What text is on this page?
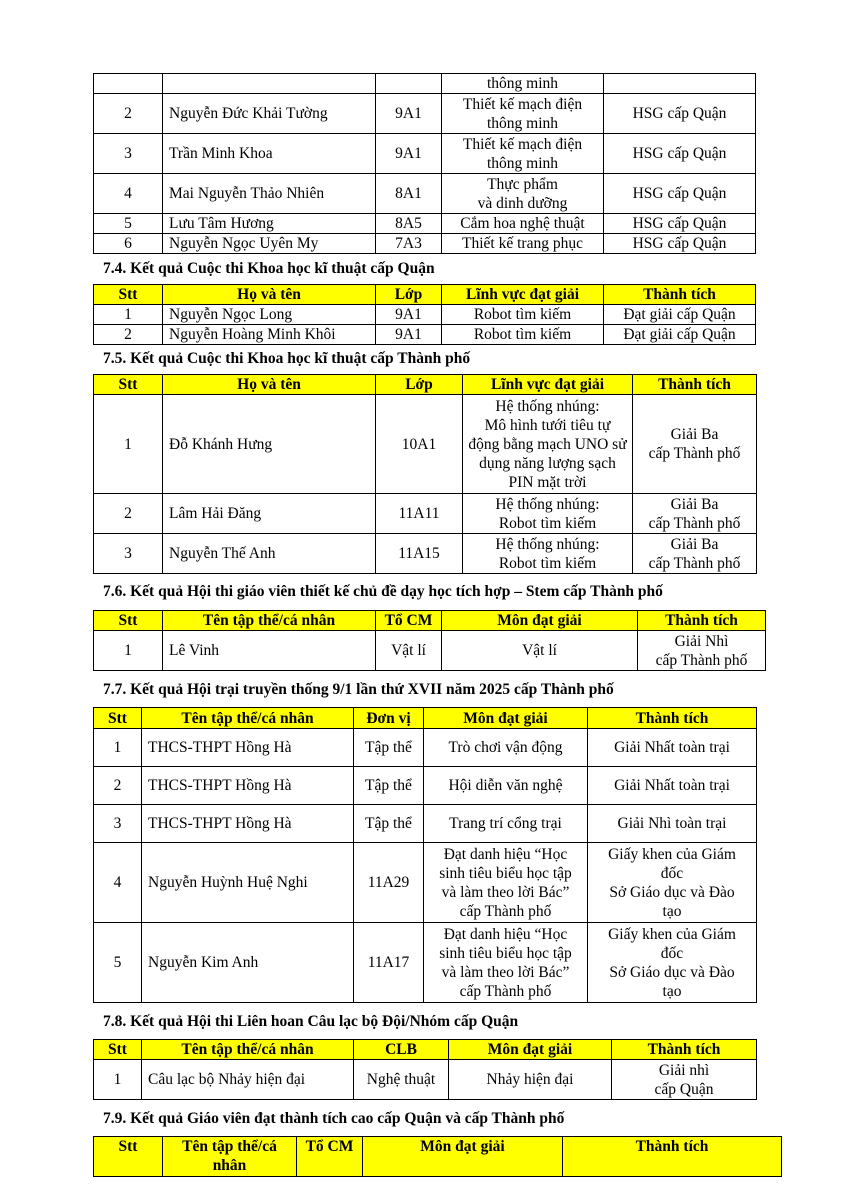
			thông minh	
2	Nguyễn Đức Khải Tường	9A1	Thiết kế mạch điện
thông minh	HSG cấp Quận
3	Trần Minh Khoa	9A1	Thiết kế mạch điện
thông minh	HSG cấp Quận
4	Mai Nguyễn Thảo Nhiên	8A1	Thực phẩm
và dinh dưỡng	HSG cấp Quận
5	Lưu Tâm Hương	8A5	Cắm hoa nghệ thuật	HSG cấp Quận
6	Nguyễn Ngọc Uyên My	7A3	Thiết kế trang phục	HSG cấp Quận
7.4. Kết quả Cuộc thi Khoa học kĩ thuật cấp Quận
Stt	Họ và tên	Lớp	Lĩnh vực đạt giải	Thành tích
1	Nguyễn Ngọc Long	9A1	Robot tìm kiếm	Đạt giải cấp Quận
2	Nguyễn Hoàng Minh Khôi	9A1	Robot tìm kiếm	Đạt giải cấp Quận
7.5. Kết quả Cuộc thi Khoa học kĩ thuật cấp Thành phố
Stt	Họ và tên	Lớp	Lĩnh vực đạt giải	Thành tích
1	Đỗ Khánh Hưng	10A1	Hệ thống nhúng:
Mô hình tưới tiêu tự
động bằng mạch UNO sử
dụng năng lượng sạch
PIN mặt trời	Giải Ba
cấp Thành phố
2	Lâm Hải Đăng	11A11	Hệ thống nhúng:
Robot tìm kiếm	Giải Ba
cấp Thành phố
3	Nguyễn Thế Anh	11A15	Hệ thống nhúng:
Robot tìm kiếm	Giải Ba
cấp Thành phố
7.6. Kết quả Hội thi giáo viên thiết kế chủ đề dạy học tích hợp – Stem cấp Thành phố
Stt	Tên tập thể/cá nhân	Tổ CM	Môn đạt giải	Thành tích
1	Lê Vinh	Vật lí	Vật lí	Giải Nhì
cấp Thành phố
7.7. Kết quả Hội trại truyền thống 9/1 lần thứ XVII năm 2025 cấp Thành phố
Stt	Tên tập thể/cá nhân	Đơn vị	Môn đạt giải	Thành tích
1	THCS-THPT Hồng Hà	Tập thể	Trò chơi vận động	Giải Nhất toàn trại
2	THCS-THPT Hồng Hà	Tập thể	Hội diễn văn nghệ	Giải Nhất toàn trại
3	THCS-THPT Hồng Hà	Tập thể	Trang trí cổng trại	Giải Nhì toàn trại
4	Nguyễn Huỳnh Huệ Nghi	11A29	Đạt danh hiệu “Học
sinh tiêu biểu học tập
và làm theo lời Bác”
cấp Thành phố	Giấy khen của Giám
đốc
Sở Giáo dục và Đào
tạo
5	Nguyễn Kim Anh	11A17	Đạt danh hiệu “Học
sinh tiêu biểu học tập
và làm theo lời Bác”
cấp Thành phố	Giấy khen của Giám
đốc
Sở Giáo dục và Đào
tạo
7.8. Kết quả Hội thi Liên hoan Câu lạc bộ Đội/Nhóm cấp Quận
Stt	Tên tập thể/cá nhân	CLB	Môn đạt giải	Thành tích
1	Câu lạc bộ Nhảy hiện đại	Nghệ thuật	Nhảy hiện đại	Giải nhì
cấp Quận
7.9. Kết quả Giáo viên đạt thành tích cao cấp Quận và cấp Thành phố
Stt	Tên tập thể/cá
nhân	Tổ CM	Môn đạt giải	Thành tích
